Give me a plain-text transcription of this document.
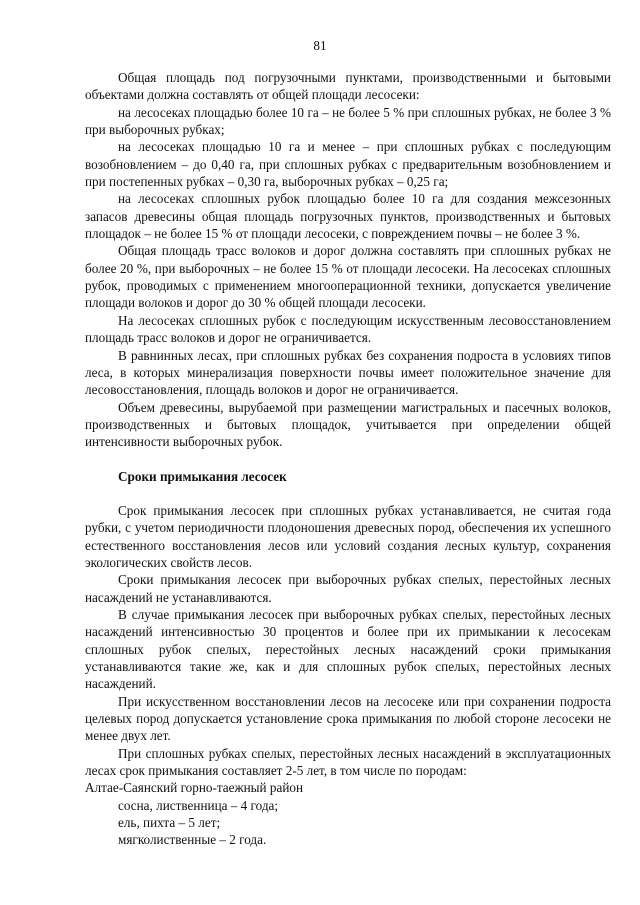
81

Общая площадь под погрузочными пунктами, производственными и бытовыми объектами должна составлять от общей площади лесосеки:

на лесосеках площадью более 10 га – не более 5 % при сплошных рубках, не более 3 % при выборочных рубках;

на лесосеках площадью 10 га и менее – при сплошных рубках с последующим возобновлением – до 0,40 га, при сплошных рубках с предварительным возобновлением и при постепенных рубках – 0,30 га, выборочных рубках – 0,25 га;

на лесосеках сплошных рубок площадью более 10 га для создания межсезонных запасов древесины общая площадь погрузочных пунктов, производственных и бытовых площадок – не более 15 % от площади лесосеки, с повреждением почвы – не более 3 %.

Общая площадь трасс волоков и дорог должна составлять при сплошных рубках не более 20 %, при выборочных – не более 15 % от площади лесосеки. На лесосеках сплошных рубок, проводимых с применением многооперационной техники, допускается увеличение площади волоков и дорог до 30 % общей площади лесосеки.

На лесосеках сплошных рубок с последующим искусственным лесовосстановлением площадь трасс волоков и дорог не ограничивается.

В равнинных лесах, при сплошных рубках без сохранения подроста в условиях типов леса, в которых минерализация поверхности почвы имеет положительное значение для лесовосстановления, площадь волоков и дорог не ограничивается.

Объем древесины, вырубаемой при размещении магистральных и пасечных волоков, производственных и бытовых площадок, учитывается при определении общей интенсивности выборочных рубок.

Сроки примыкания лесосек

Срок примыкания лесосек при сплошных рубках устанавливается, не считая года рубки, с учетом периодичности плодоношения древесных пород, обеспечения их успешного естественного восстановления лесов или условий создания лесных культур, сохранения экологических свойств лесов.

Сроки примыкания лесосек при выборочных рубках спелых, перестойных лесных насаждений не устанавливаются.

В случае примыкания лесосек при выборочных рубках спелых, перестойных лесных насаждений интенсивностью 30 процентов и более при их примыкании к лесосекам сплошных рубок спелых, перестойных лесных насаждений сроки примыкания устанавливаются такие же, как и для сплошных рубок спелых, перестойных лесных насаждений.

При искусственном восстановлении лесов на лесосеке или при сохранении подроста целевых пород допускается установление срока примыкания по любой стороне лесосеки не менее двух лет.

При сплошных рубках спелых, перестойных лесных насаждений в эксплуатационных лесах срок примыкания составляет 2-5 лет, в том числе по породам:

Алтае-Саянский горно-таежный район

сосна, лиственница – 4 года;

ель, пихта – 5 лет;

мягколиственные – 2 года.
